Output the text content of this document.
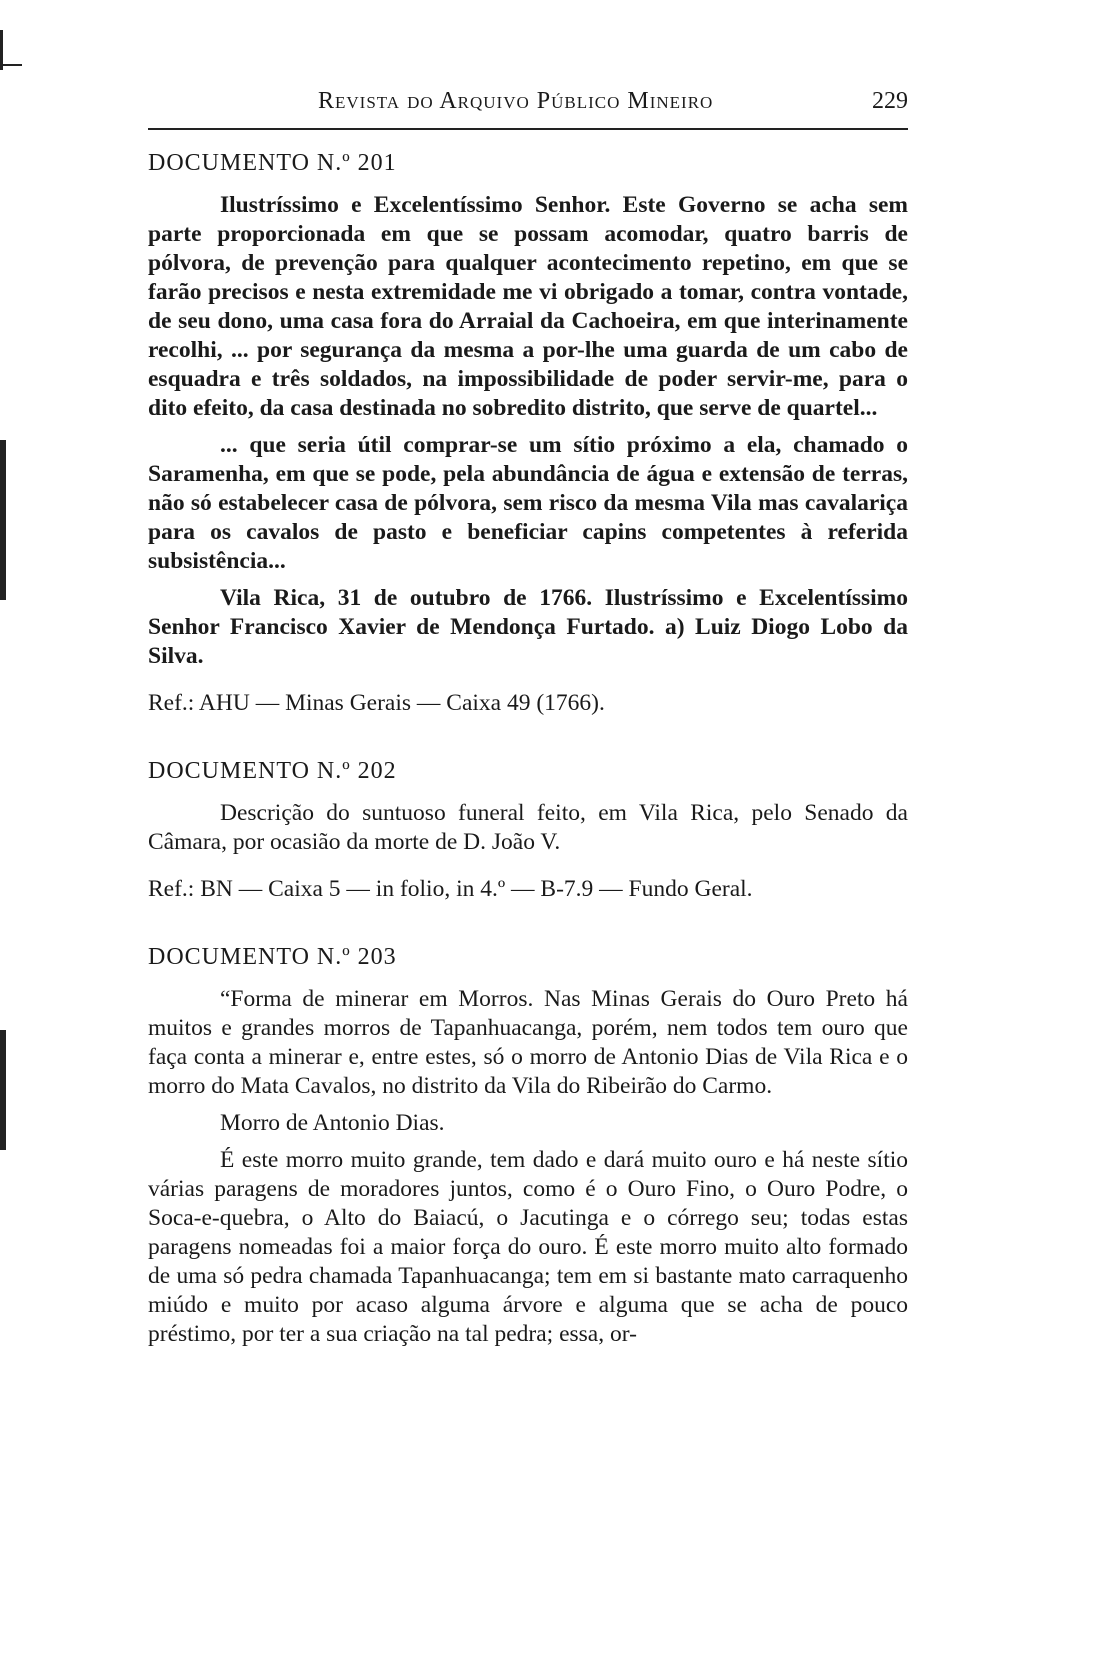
Revista do Arquivo Público Mineiro	229
DOCUMENTO N.º 201

Ilustríssimo e Excelentíssimo Senhor. Este Governo se acha sem parte proporcionada em que se possam acomodar, quatro barris de pólvora, de prevenção para qualquer acontecimento repetino, em que se farão precisos e nesta extremidade me vi obrigado a tomar, contra vontade, de seu dono, uma casa fora do Arraial da Cachoeira, em que interinamente recolhi, ... por segurança da mesma a por-lhe uma guarda de um cabo de esquadra e três soldados, na impossibilidade de poder servir-me, para o dito efeito, da casa destinada no sobredito distrito, que serve de quartel...

... que seria útil comprar-se um sítio próximo a ela, chamado o Saramenha, em que se pode, pela abundância de água e extensão de terras, não só estabelecer casa de pólvora, sem risco da mesma Vila mas cavalariça para os cavalos de pasto e beneficiar capins competentes à referida subsistência...

Vila Rica, 31 de outubro de 1766. Ilustríssimo e Excelentíssimo Senhor Francisco Xavier de Mendonça Furtado. a) Luiz Diogo Lobo da Silva.

Ref.: AHU — Minas Gerais — Caixa 49 (1766).

DOCUMENTO N.º 202

Descrição do suntuoso funeral feito, em Vila Rica, pelo Senado da Câmara, por ocasião da morte de D. João V.

Ref.: BN — Caixa 5 — in folio, in 4.º — B-7.9 — Fundo Geral.

DOCUMENTO N.º 203

“Forma de minerar em Morros. Nas Minas Gerais do Ouro Preto há muitos e grandes morros de Tapanhuacanga, porém, nem todos tem ouro que faça conta a minerar e, entre estes, só o morro de Antonio Dias de Vila Rica e o morro do Mata Cavalos, no distrito da Vila do Ribeirão do Carmo.

Morro de Antonio Dias.

É este morro muito grande, tem dado e dará muito ouro e há neste sítio várias paragens de moradores juntos, como é o Ouro Fino, o Ouro Podre, o Soca-e-quebra, o Alto do Baiacú, o Jacutinga e o córrego seu; todas estas paragens nomeadas foi a maior força do ouro. É este morro muito alto formado de uma só pedra chamada Tapanhuacanga; tem em si bastante mato carraquenho miúdo e muito por acaso alguma árvore e alguma que se acha de pouco préstimo, por ter a sua criação na tal pedra; essa, or-
